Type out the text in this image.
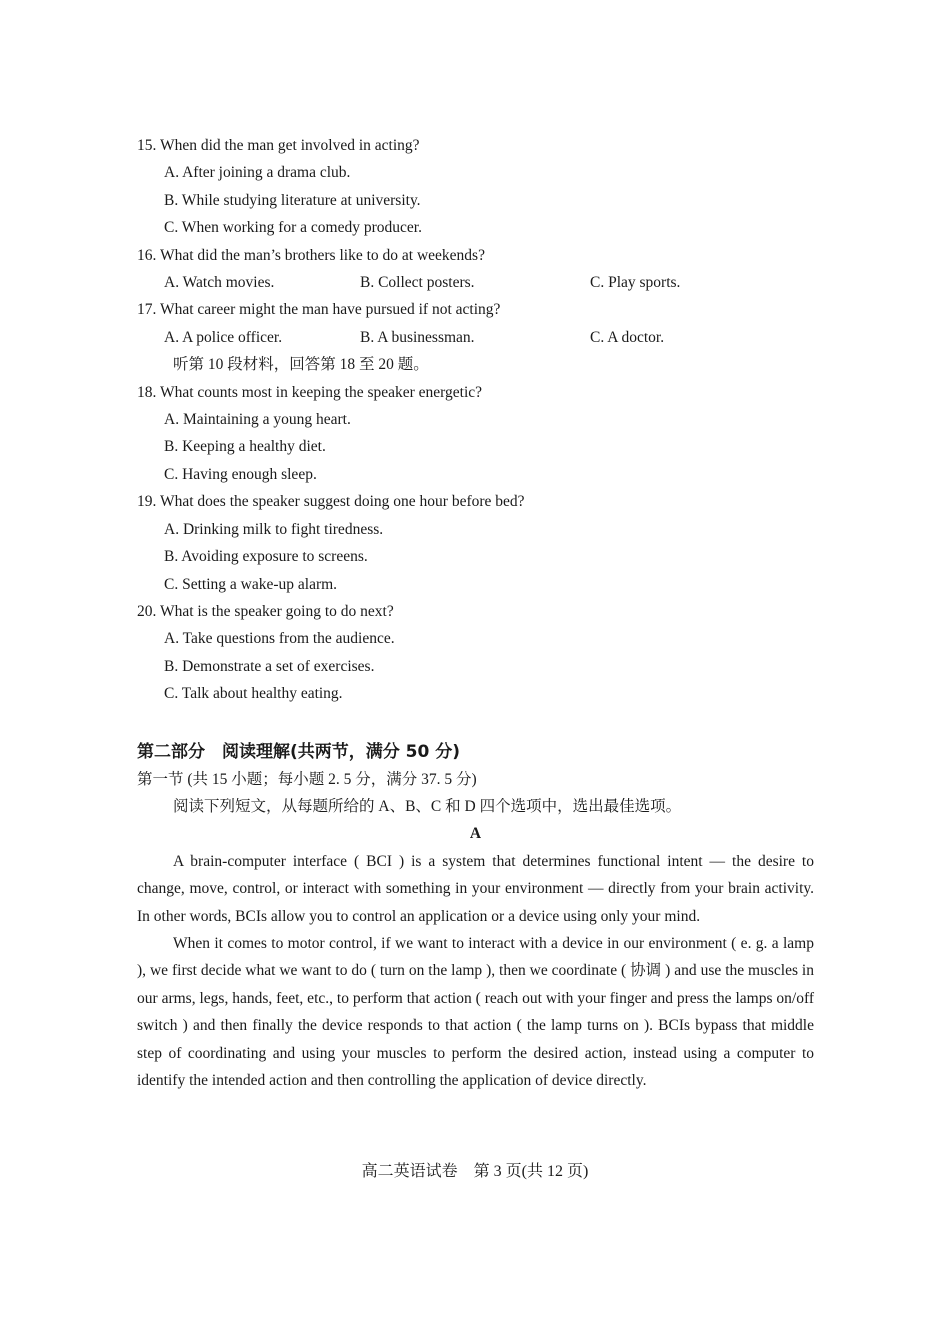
15. When did the man get involved in acting?
A. After joining a drama club.
B. While studying literature at university.
C. When working for a comedy producer.
16. What did the man’s brothers like to do at weekends?
A. Watch movies.	B. Collect posters.	C. Play sports.
17. What career might the man have pursued if not acting?
A. A police officer.	B. A businessman.	C. A doctor.
听第 10 段材料，回答第 18 至 20 题。
18. What counts most in keeping the speaker energetic?
A. Maintaining a young heart.
B. Keeping a healthy diet.
C. Having enough sleep.
19. What does the speaker suggest doing one hour before bed?
A. Drinking milk to fight tiredness.
B. Avoiding exposure to screens.
C. Setting a wake-up alarm.
20. What is the speaker going to do next?
A. Take questions from the audience.
B. Demonstrate a set of exercises.
C. Talk about healthy eating.
第二部分　阅读理解(共两节，满分 50 分)
第一节 (共 15 小题；每小题 2. 5 分，满分 37. 5 分)
阅读下列短文，从每题所给的 A、B、C 和 D 四个选项中，选出最佳选项。
A
A brain-computer interface ( BCI ) is a system that determines functional intent — the desire to change, move, control, or interact with something in your environment — directly from your brain activity. In other words, BCIs allow you to control an application or a device using only your mind.
When it comes to motor control, if we want to interact with a device in our environment ( e. g. a lamp ), we first decide what we want to do ( turn on the lamp ), then we coordinate ( 协调 ) and use the muscles in our arms, legs, hands, feet, etc., to perform that action ( reach out with your finger and press the lamps on/off switch ) and then finally the device responds to that action ( the lamp turns on ). BCIs bypass that middle step of coordinating and using your muscles to perform the desired action, instead using a computer to identify the intended action and then controlling the application of device directly.
高二英语试卷　第 3 页(共 12 页)
